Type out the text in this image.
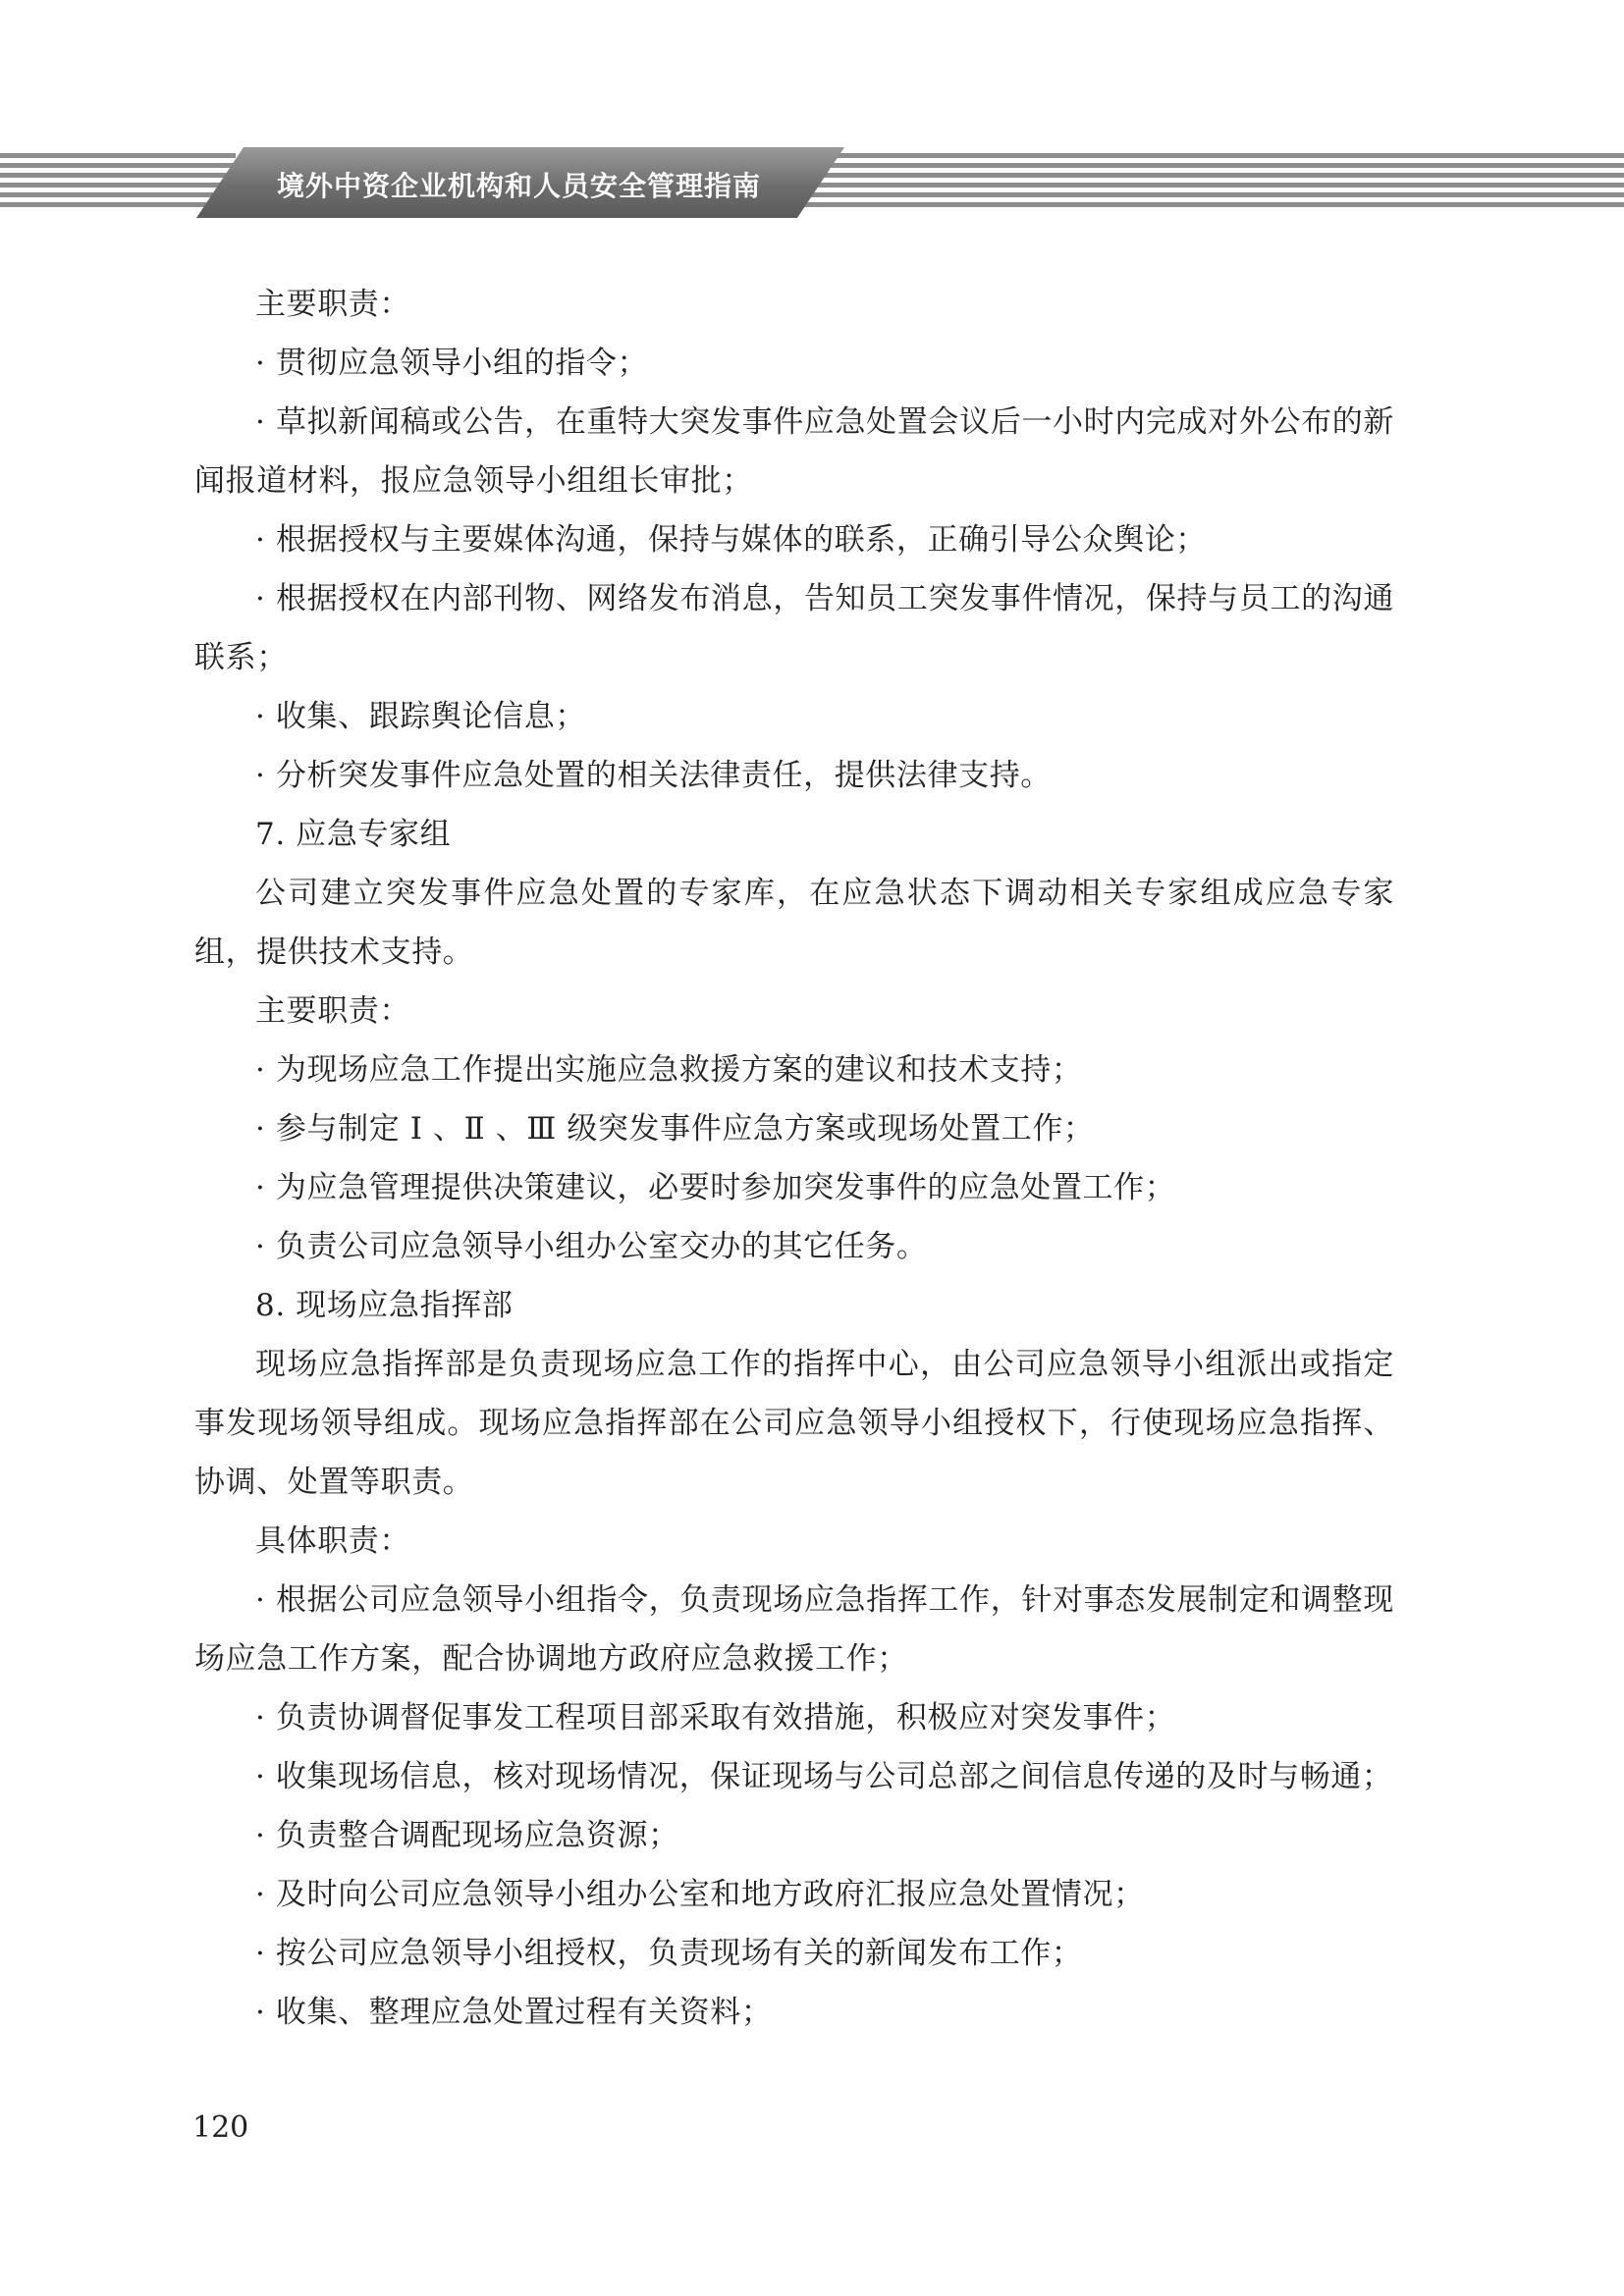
境外中资企业机构和人员安全管理指南

主要职责：

· 贯彻应急领导小组的指令；

· 草拟新闻稿或公告，在重特大突发事件应急处置会议后一小时内完成对外公布的新闻报道材料，报应急领导小组组长审批；

· 根据授权与主要媒体沟通，保持与媒体的联系，正确引导公众舆论；

· 根据授权在内部刊物、网络发布消息，告知员工突发事件情况，保持与员工的沟通联系；

· 收集、跟踪舆论信息；

· 分析突发事件应急处置的相关法律责任，提供法律支持。

7. 应急专家组

公司建立突发事件应急处置的专家库，在应急状态下调动相关专家组成应急专家组，提供技术支持。

主要职责：

· 为现场应急工作提出实施应急救援方案的建议和技术支持；

· 参与制定 Ⅰ 、Ⅱ 、Ⅲ 级突发事件应急方案或现场处置工作；

· 为应急管理提供决策建议，必要时参加突发事件的应急处置工作；

· 负责公司应急领导小组办公室交办的其它任务。

8. 现场应急指挥部

现场应急指挥部是负责现场应急工作的指挥中心，由公司应急领导小组派出或指定事发现场领导组成。现场应急指挥部在公司应急领导小组授权下，行使现场应急指挥、协调、处置等职责。

具体职责：

· 根据公司应急领导小组指令，负责现场应急指挥工作，针对事态发展制定和调整现场应急工作方案，配合协调地方政府应急救援工作；

· 负责协调督促事发工程项目部采取有效措施，积极应对突发事件；

· 收集现场信息，核对现场情况，保证现场与公司总部之间信息传递的及时与畅通；

· 负责整合调配现场应急资源；

· 及时向公司应急领导小组办公室和地方政府汇报应急处置情况；

· 按公司应急领导小组授权，负责现场有关的新闻发布工作；

· 收集、整理应急处置过程有关资料；

120
